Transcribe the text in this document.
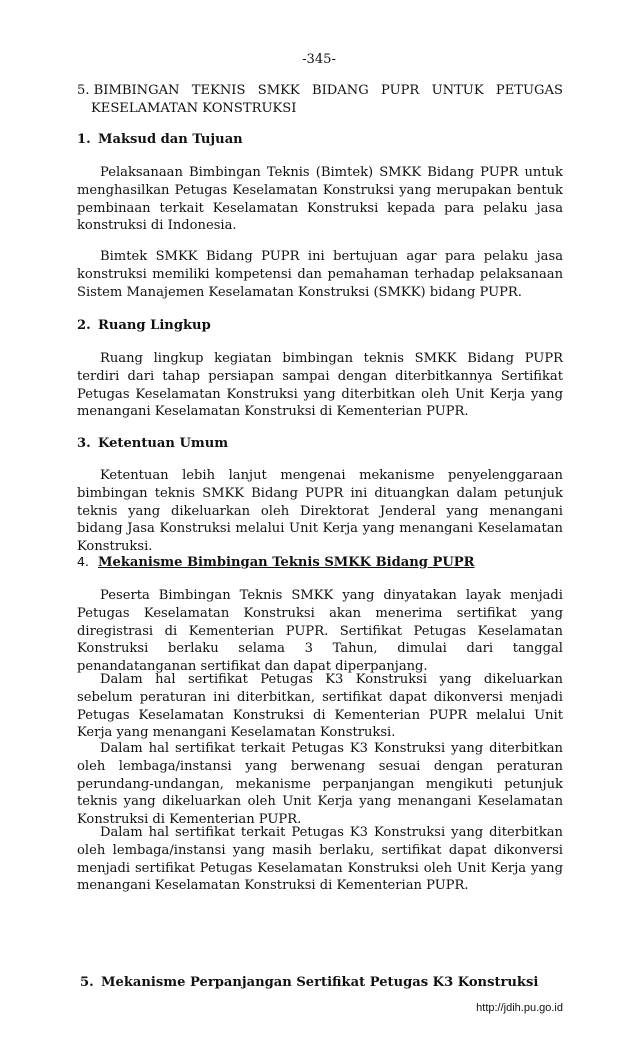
-345-
5. BIMBINGAN TEKNIS SMKK BIDANG PUPR UNTUK PETUGAS
KESELAMATAN KONSTRUKSI
1. Maksud dan Tujuan

Pelaksanaan Bimbingan Teknis (Bimtek) SMKK Bidang PUPR untuk menghasilkan Petugas Keselamatan Konstruksi yang merupakan bentuk pembinaan terkait Keselamatan Konstruksi kepada para pelaku jasa konstruksi di Indonesia.

Bimtek SMKK Bidang PUPR ini bertujuan agar para pelaku jasa konstruksi memiliki kompetensi dan pemahaman terhadap pelaksanaan Sistem Manajemen Keselamatan Konstruksi (SMKK) bidang PUPR.

2. Ruang Lingkup

Ruang lingkup kegiatan bimbingan teknis SMKK Bidang PUPR terdiri dari tahap persiapan sampai dengan diterbitkannya Sertifikat Petugas Keselamatan Konstruksi yang diterbitkan oleh Unit Kerja yang menangani Keselamatan Konstruksi di Kementerian PUPR.

3. Ketentuan Umum

Ketentuan lebih lanjut mengenai mekanisme penyelenggaraan bimbingan teknis SMKK Bidang PUPR ini dituangkan dalam petunjuk teknis yang dikeluarkan oleh Direktorat Jenderal yang menangani bidang Jasa Konstruksi melalui Unit Kerja yang menangani Keselamatan Konstruksi.

4. Mekanisme Bimbingan Teknis SMKK Bidang PUPR

Peserta Bimbingan Teknis SMKK yang dinyatakan layak menjadi Petugas Keselamatan Konstruksi akan menerima sertifikat yang diregistrasi di Kementerian PUPR. Sertifikat Petugas Keselamatan Konstruksi berlaku selama 3 Tahun, dimulai dari tanggal penandatanganan sertifikat dan dapat diperpanjang.

Dalam hal sertifikat Petugas K3 Konstruksi yang dikeluarkan sebelum peraturan ini diterbitkan, sertifikat dapat dikonversi menjadi Petugas Keselamatan Konstruksi di Kementerian PUPR melalui Unit Kerja yang menangani Keselamatan Konstruksi.

Dalam hal sertifikat terkait Petugas K3 Konstruksi yang diterbitkan oleh lembaga/instansi yang berwenang sesuai dengan peraturan perundang-undangan, mekanisme perpanjangan mengikuti petunjuk teknis yang dikeluarkan oleh Unit Kerja yang menangani Keselamatan Konstruksi di Kementerian PUPR.

Dalam hal sertifikat terkait Petugas K3 Konstruksi yang diterbitkan oleh lembaga/instansi yang masih berlaku, sertifikat dapat dikonversi menjadi sertifikat Petugas Keselamatan Konstruksi oleh Unit Kerja yang menangani Keselamatan Konstruksi di Kementerian PUPR.

5. Mekanisme Perpanjangan Sertifikat Petugas K3 Konstruksi
http://jdih.pu.go.id
